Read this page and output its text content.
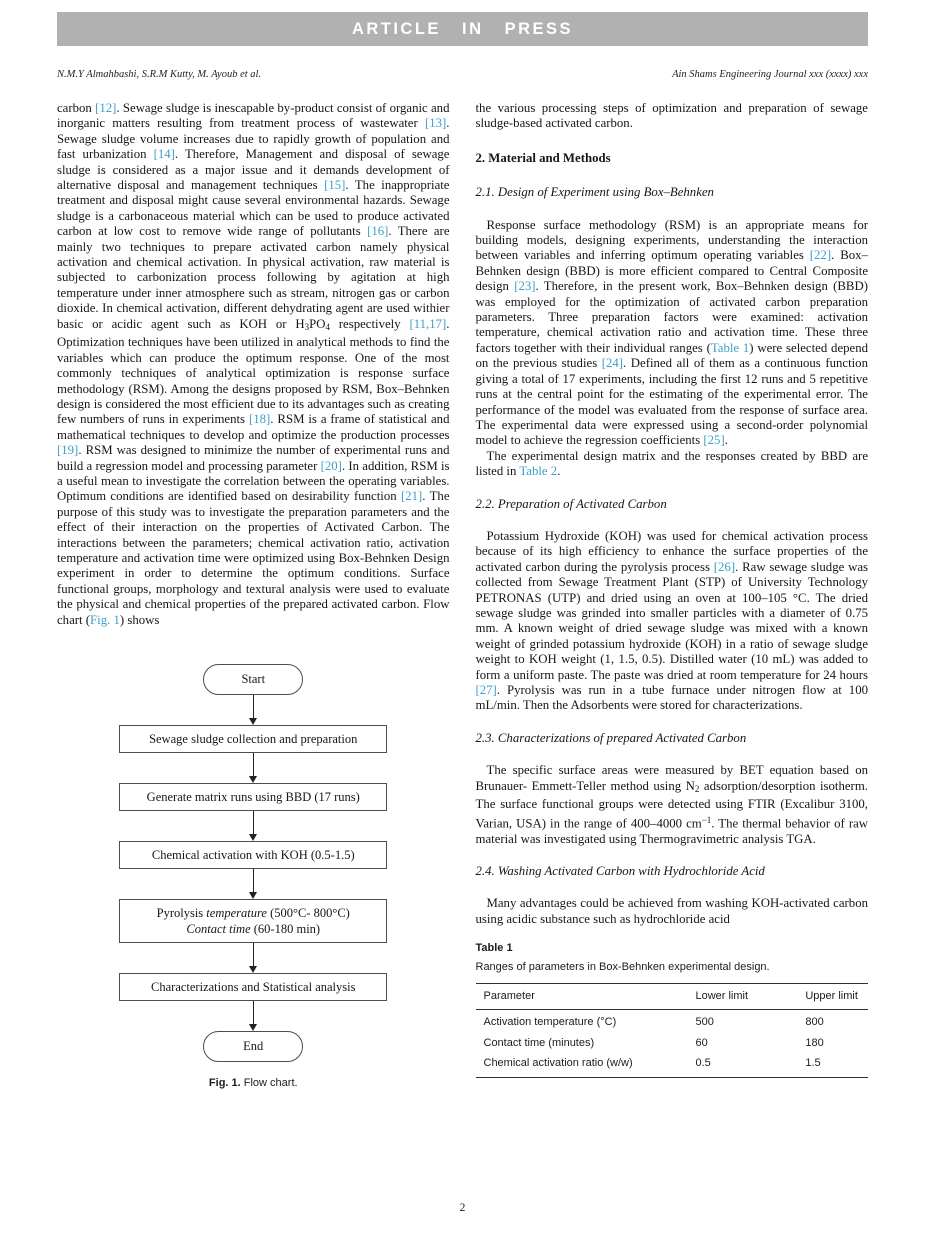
ARTICLE IN PRESS
N.M.Y Almahbashi, S.R.M Kutty, M. Ayoub et al.	Ain Shams Engineering Journal xxx (xxxx) xxx

carbon [12]. Sewage sludge is inescapable by-product consist of organic and inorganic matters resulting from treatment process of wastewater [13]. Sewage sludge volume increases due to rapidly growth of population and fast urbanization [14]. Therefore, Management and disposal of sewage sludge is considered as a major issue and it demands development of alternative disposal and management techniques [15]. The inappropriate treatment and disposal might cause several environmental hazards. Sewage sludge is a carbonaceous material which can be used to produce activated carbon at low cost to remove wide range of pollutants [16]. There are mainly two techniques to prepare activated carbon namely physical activation and chemical activation. In physical activation, raw material is subjected to carbonization process following by agitation at high temperature under inner atmosphere such as stream, nitrogen gas or carbon dioxide. In chemical activation, different dehydrating agent are used withier basic or acidic agent such as KOH or H3PO4 respectively [11,17]. Optimization techniques have been utilized in analytical methods to find the variables which can produce the optimum response. One of the most commonly techniques of analytical optimization is response surface methodology (RSM). Among the designs proposed by RSM, Box–Behnken design is considered the most efficient due to its advantages such as creating few numbers of runs in experiments [18]. RSM is a frame of statistical and mathematical techniques to develop and optimize the production processes [19]. RSM was designed to minimize the number of experimental runs and build a regression model and processing parameter [20]. In addition, RSM is a useful mean to investigate the correlation between the operating variables. Optimum conditions are identified based on desirability function [21]. The purpose of this study was to investigate the preparation parameters and the effect of their interaction on the properties of Activated Carbon. The interactions between the parameters; chemical activation ratio, activation temperature and activation time were optimized using Box-Behnken Design experiment in order to determine the optimum conditions. Surface functional groups, morphology and textural analysis were used to evaluate the physical and chemical properties of the prepared activated carbon. Flow chart (Fig. 1) shows

Start
Sewage sludge collection and preparation
Generate matrix runs using BBD (17 runs)
Chemical activation with KOH (0.5-1.5)
Pyrolysis temperature (500°C- 800°C)
Contact time (60-180 min)
Characterizations and Statistical analysis
End
Fig. 1. Flow chart.

the various processing steps of optimization and preparation of sewage sludge-based activated carbon.

2. Material and Methods
2.1. Design of Experiment using Box–Behnken

Response surface methodology (RSM) is an appropriate means for building models, designing experiments, understanding the interaction between variables and inferring optimum operating variables [22]. Box–Behnken design (BBD) is more efficient compared to Central Composite design [23]. Therefore, in the present work, Box–Behnken design (BBD) was employed for the optimization of activated carbon preparation parameters. Three preparation factors were examined: activation temperature, chemical activation ratio and activation time. These three factors together with their individual ranges (Table 1) were selected depend on the previous studies [24]. Defined all of them as a continuous function giving a total of 17 experiments, including the first 12 runs and 5 repetitive runs at the central point for the estimating of the experimental error. The performance of the model was evaluated from the response of surface area. The experimental data were expressed using a second-order polynomial model to achieve the regression coefficients [25].

The experimental design matrix and the responses created by BBD are listed in Table 2.

2.2. Preparation of Activated Carbon

Potassium Hydroxide (KOH) was used for chemical activation process because of its high efficiency to enhance the surface properties of the activated carbon during the pyrolysis process [26]. Raw sewage sludge was collected from Sewage Treatment Plant (STP) of University Technology PETRONAS (UTP) and dried using an oven at 100–105 °C. The dried sewage sludge was grinded into smaller particles with a diameter of 0.75 mm. A known weight of dried sewage sludge was mixed with a known weight of grinded potassium hydroxide (KOH) in a ratio of sewage sludge weight to KOH weight (1, 1.5, 0.5). Distilled water (10 mL) was added to form a uniform paste. The paste was dried at room temperature for 24 hours [27]. Pyrolysis was run in a tube furnace under nitrogen flow at 100 mL/min. Then the Adsorbents were stored for characterizations.

2.3. Characterizations of prepared Activated Carbon

The specific surface areas were measured by BET equation based on Brunauer- Emmett-Teller method using N2 adsorption/desorption isotherm. The surface functional groups were detected using FTIR (Excalibur 3100, Varian, USA) in the range of 400–4000 $cm^{-1}$. The thermal behavior of raw material was investigated using Thermogravimetric analysis TGA.

2.4. Washing Activated Carbon with Hydrochloride Acid

Many advantages could be achieved from washing KOH-activated carbon using acidic substance such as hydrochloride acid

Table 1
Ranges of parameters in Box-Behnken experimental design.
Parameter	Lower limit	Upper limit
Activation temperature (°C)	500	800
Contact time (minutes)	60	180
Chemical activation ratio (w/w)	0.5	1.5
2
